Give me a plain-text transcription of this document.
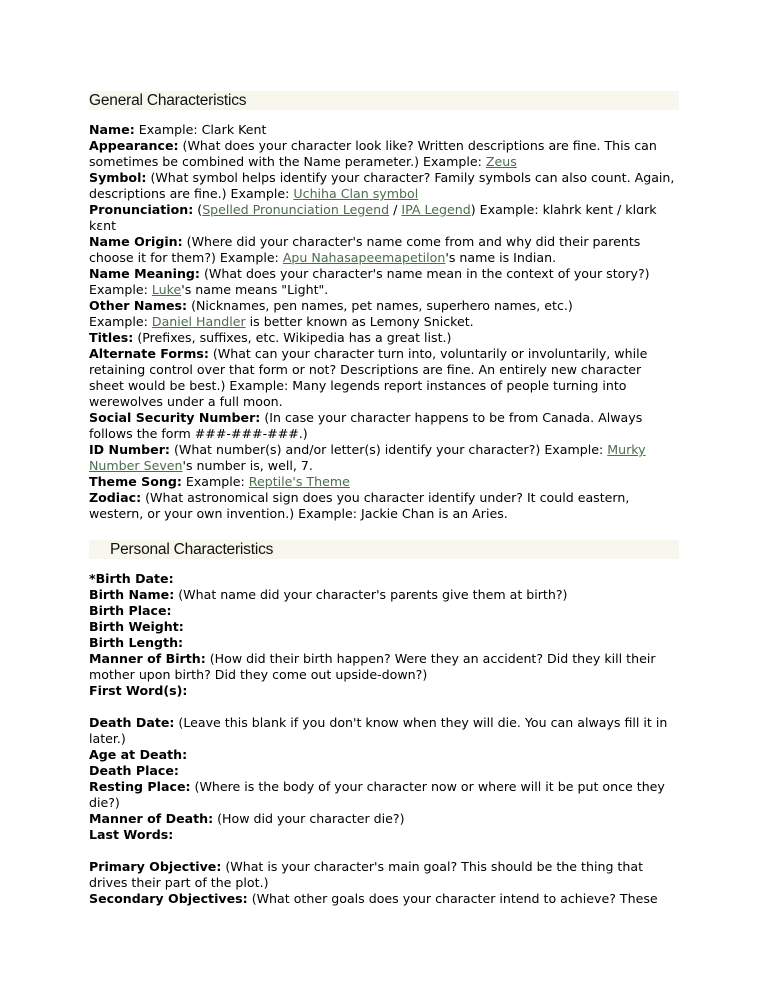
General Characteristics
Name: Example: Clark Kent
Appearance: (What does your character look like? Written descriptions are fine. This can sometimes be combined with the Name perameter.) Example: Zeus
Symbol: (What symbol helps identify your character? Family symbols can also count. Again, descriptions are fine.) Example: Uchiha Clan symbol
Pronunciation: (Spelled Pronunciation Legend / IPA Legend) Example: klahrk kent / klɑrk kɛnt
Name Origin: (Where did your character's name come from and why did their parents choose it for them?) Example: Apu Nahasapeemapetilon's name is Indian.
Name Meaning: (What does your character's name mean in the context of your story?) Example: Luke's name means "Light".
Other Names: (Nicknames, pen names, pet names, superhero names, etc.)
Example: Daniel Handler is better known as Lemony Snicket.
Titles: (Prefixes, suffixes, etc. Wikipedia has a great list.)
Alternate Forms: (What can your character turn into, voluntarily or involuntarily, while retaining control over that form or not? Descriptions are fine. An entirely new character sheet would be best.) Example: Many legends report instances of people turning into werewolves under a full moon.
Social Security Number: (In case your character happens to be from Canada. Always follows the form ###-###-###.)
ID Number: (What number(s) and/or letter(s) identify your character?) Example: Murky Number Seven's number is, well, 7.
Theme Song: Example: Reptile's Theme
Zodiac: (What astronomical sign does you character identify under? It could eastern, western, or your own invention.) Example: Jackie Chan is an Aries.
Personal Characteristics
*Birth Date:
Birth Name: (What name did your character's parents give them at birth?)
Birth Place:
Birth Weight:
Birth Length:
Manner of Birth: (How did their birth happen? Were they an accident? Did they kill their mother upon birth? Did they come out upside-down?)
First Word(s):
Death Date: (Leave this blank if you don't know when they will die. You can always fill it in later.)
Age at Death:
Death Place:
Resting Place: (Where is the body of your character now or where will it be put once they die?)
Manner of Death: (How did your character die?)
Last Words:
Primary Objective: (What is your character's main goal? This should be the thing that drives their part of the plot.)
Secondary Objectives: (What other goals does your character intend to achieve? These
